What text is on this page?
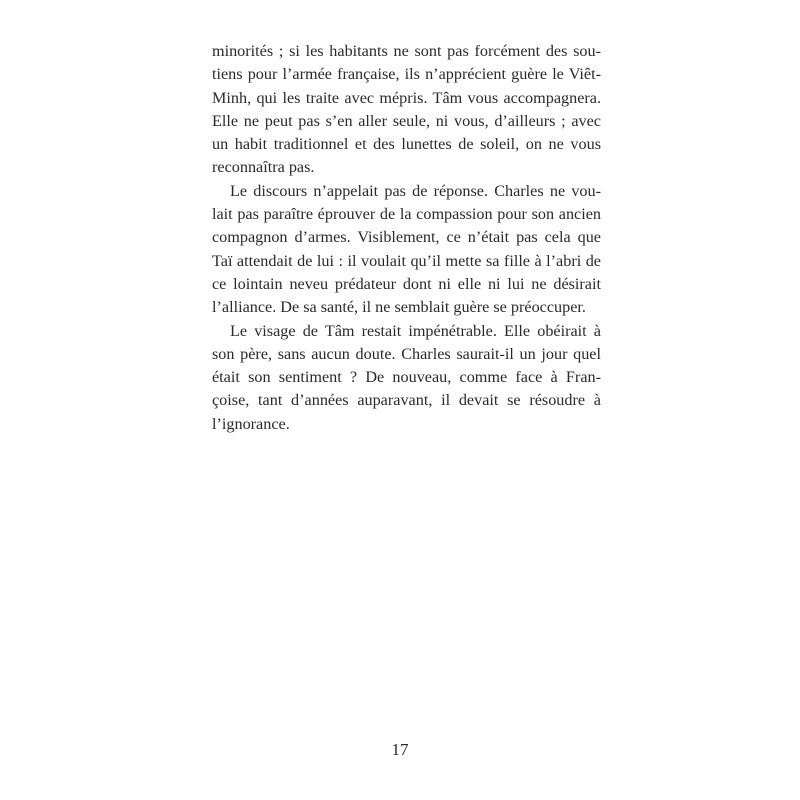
minorités ; si les habitants ne sont pas forcément des sou-
tiens pour l’armée française, ils n’apprécient guère le Viêt-
Minh, qui les traite avec mépris. Tâm vous accompagnera.
Elle ne peut pas s’en aller seule, ni vous, d’ailleurs ; avec
un habit traditionnel et des lunettes de soleil, on ne vous
reconnaîtra pas.
Le discours n’appelait pas de réponse. Charles ne vou-
lait pas paraître éprouver de la compassion pour son ancien
compagnon d’armes. Visiblement, ce n’était pas cela que
Taï attendait de lui : il voulait qu’il mette sa fille à l’abri de
ce lointain neveu prédateur dont ni elle ni lui ne désirait
l’alliance. De sa santé, il ne semblait guère se préoccuper.
Le visage de Tâm restait impénétrable. Elle obéirait à
son père, sans aucun doute. Charles saurait-il un jour quel
était son sentiment ? De nouveau, comme face à Fran-
çoise, tant d’années auparavant, il devait se résoudre à
l’ignorance.
17
